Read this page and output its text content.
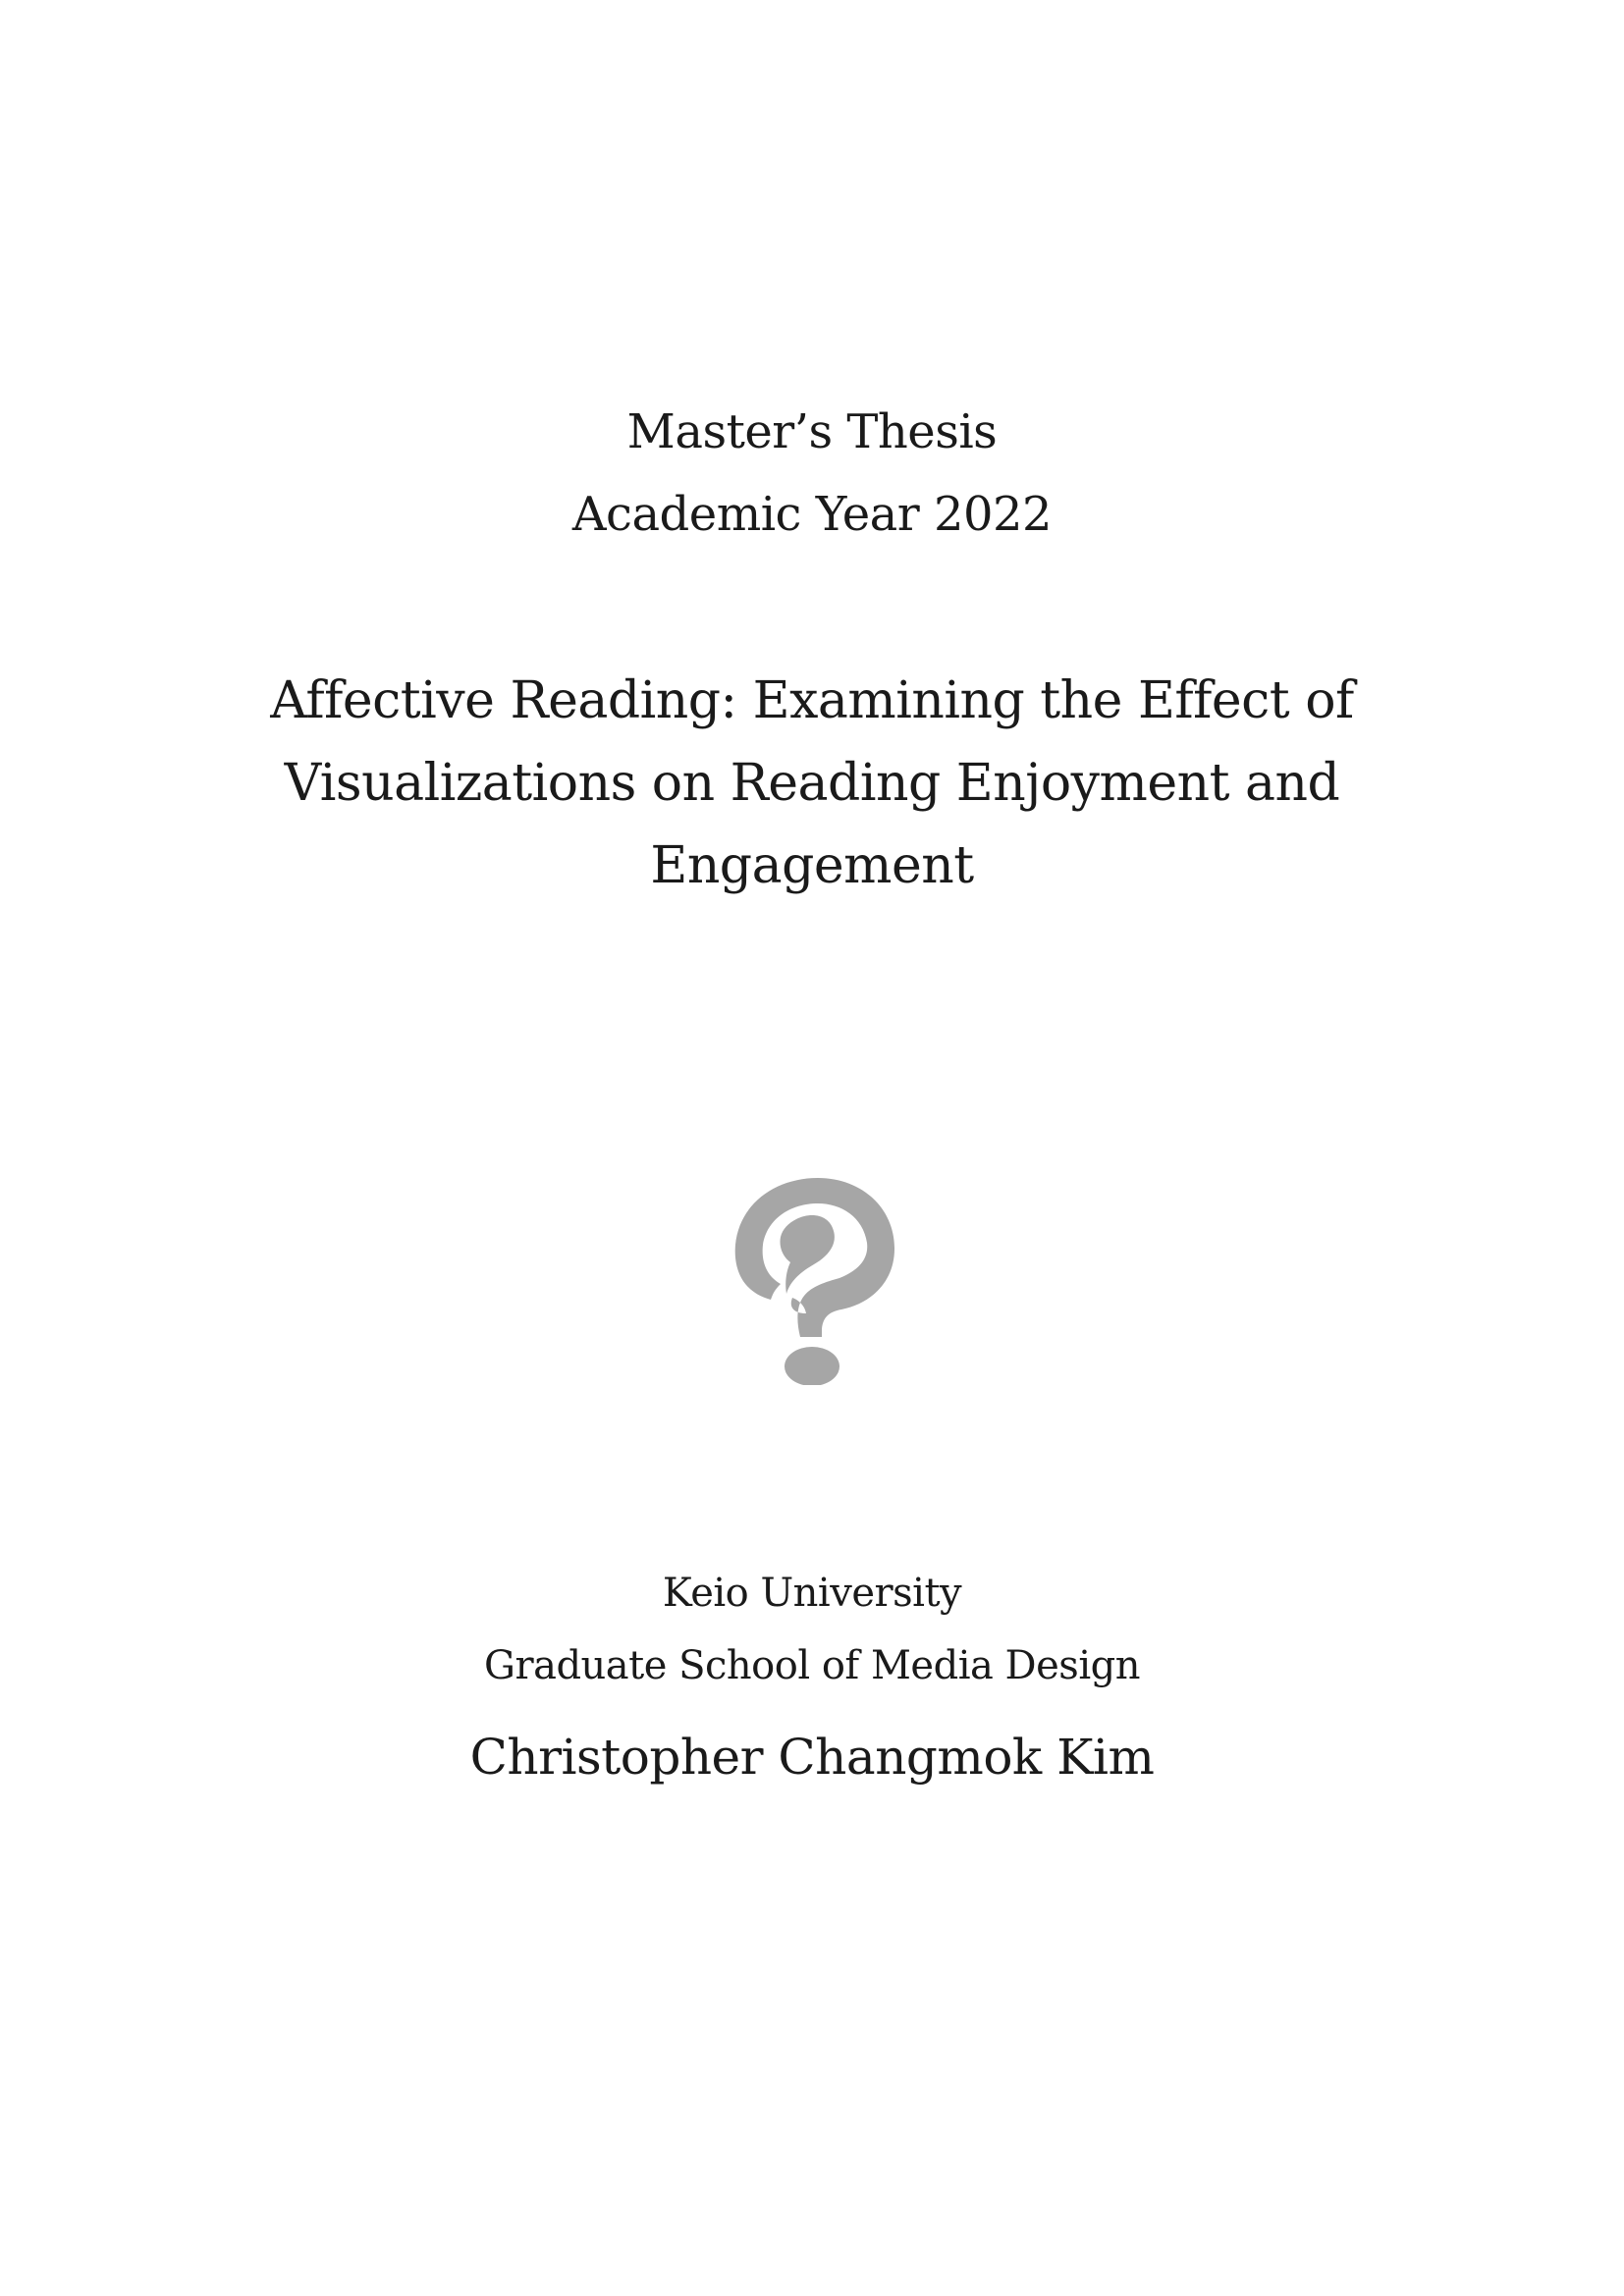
Master’s Thesis
Academic Year 2022
Affective Reading: Examining the Effect of
Visualizations on Reading Enjoyment and
Engagement
Keio University
Graduate School of Media Design
Christopher Changmok Kim
